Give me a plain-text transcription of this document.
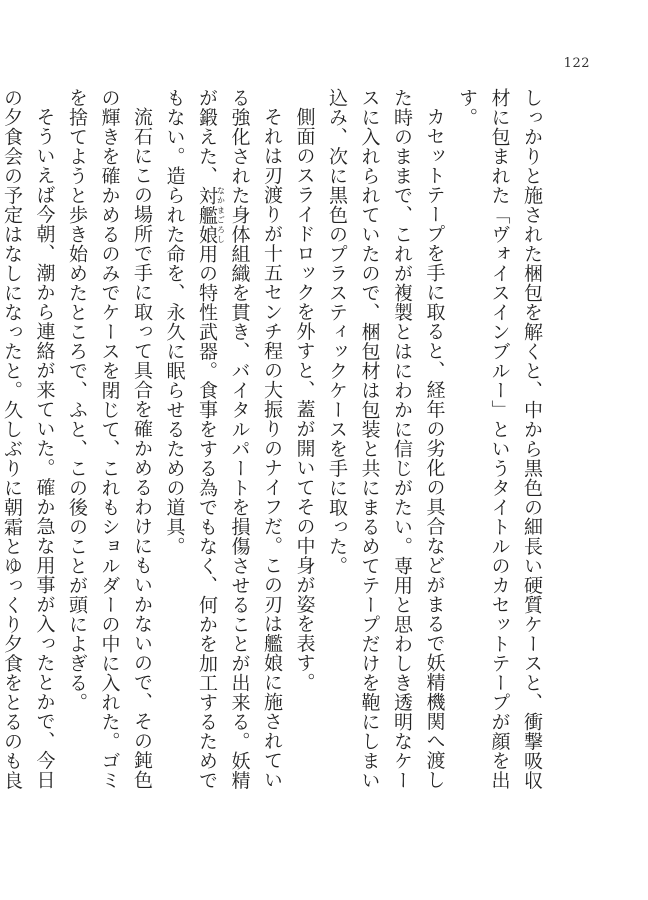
122

しっかりと施された梱包を解くと、中から黒色の細長い硬質ケースと、衝撃吸収材に包まれた「ヴォイスインブルー」というタイトルのカセットテープが顔を出す。

カセットテープを手に取ると、経年の劣化の具合などがまるで妖精機関へ渡した時のままで、これが複製とはにわかに信じがたい。専用と思わしき透明なケースに入れられていたので、梱包材は包装と共にまるめてテープだけを鞄にしまい込み、次に黒色のプラスティックケースを手に取った。

側面のスライドロックを外すと、蓋が開いてその中身が姿を表す。

それは刃渡りが十五センチ程の大振りのナイフだ。この刃は艦娘に施されている強化された身体組織を貫き、バイタルパートを損傷させることが出来る。妖精が鍛えた、対艦娘なかまごろし用の特性武器。食事をする為でもなく、何かを加工するためでもない。造られた命を、永久に眠らせるための道具。

流石にこの場所で手に取って具合を確かめるわけにもいかないので、その鈍色の輝きを確かめるのみでケースを閉じて、これもショルダーの中に入れた。ゴミを捨てようと歩き始めたところで、ふと、この後のことが頭によぎる。

そういえば今朝、潮から連絡が来ていた。確か急な用事が入ったとかで、今日の夕食会の予定はなしになったと。久しぶりに朝霜とゆっくり夕食をとるのも良
